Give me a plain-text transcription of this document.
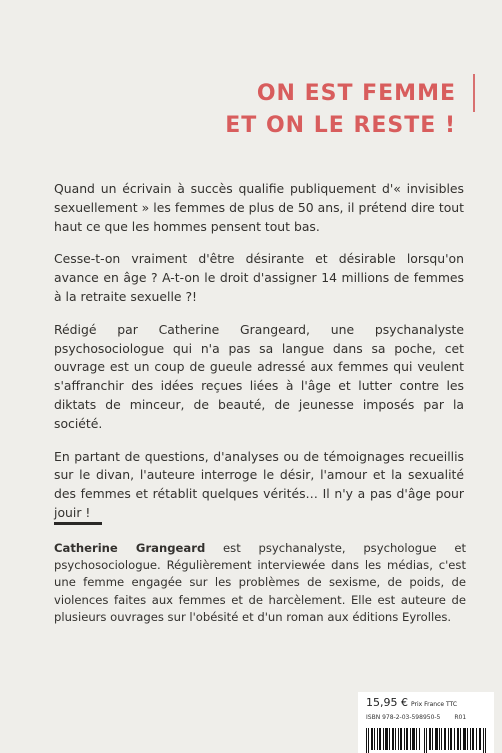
ON EST FEMME
ET ON LE RESTE !

Quand un écrivain à succès qualifie publiquement d'« invisibles sexuellement » les femmes de plus de 50 ans, il prétend dire tout haut ce que les hommes pensent tout bas.

Cesse-t-on vraiment d'être désirante et désirable lorsqu'on avance en âge ? A-t-on le droit d'assigner 14 millions de femmes à la retraite sexuelle ?!

Rédigé par Catherine Grangeard, une psychanalyste psychosociologue qui n'a pas sa langue dans sa poche, cet ouvrage est un coup de gueule adressé aux femmes qui veulent s'affranchir des idées reçues liées à l'âge et lutter contre les diktats de minceur, de beauté, de jeunesse imposés par la société.

En partant de questions, d'analyses ou de témoignages recueillis sur le divan, l'auteure interroge le désir, l'amour et la sexualité des femmes et rétablit quelques vérités… Il n'y a pas d'âge pour jouir !

Catherine Grangeard est psychanalyste, psychologue et psychosociologue. Régulièrement interviewée dans les médias, c'est une femme engagée sur les problèmes de sexisme, de poids, de violences faites aux femmes et de harcèlement. Elle est auteure de plusieurs ouvrages sur l'obésité et d'un roman aux éditions Eyrolles.
15,95 € Prix France TTC
ISBN 978-2-03-598950-5 R01
